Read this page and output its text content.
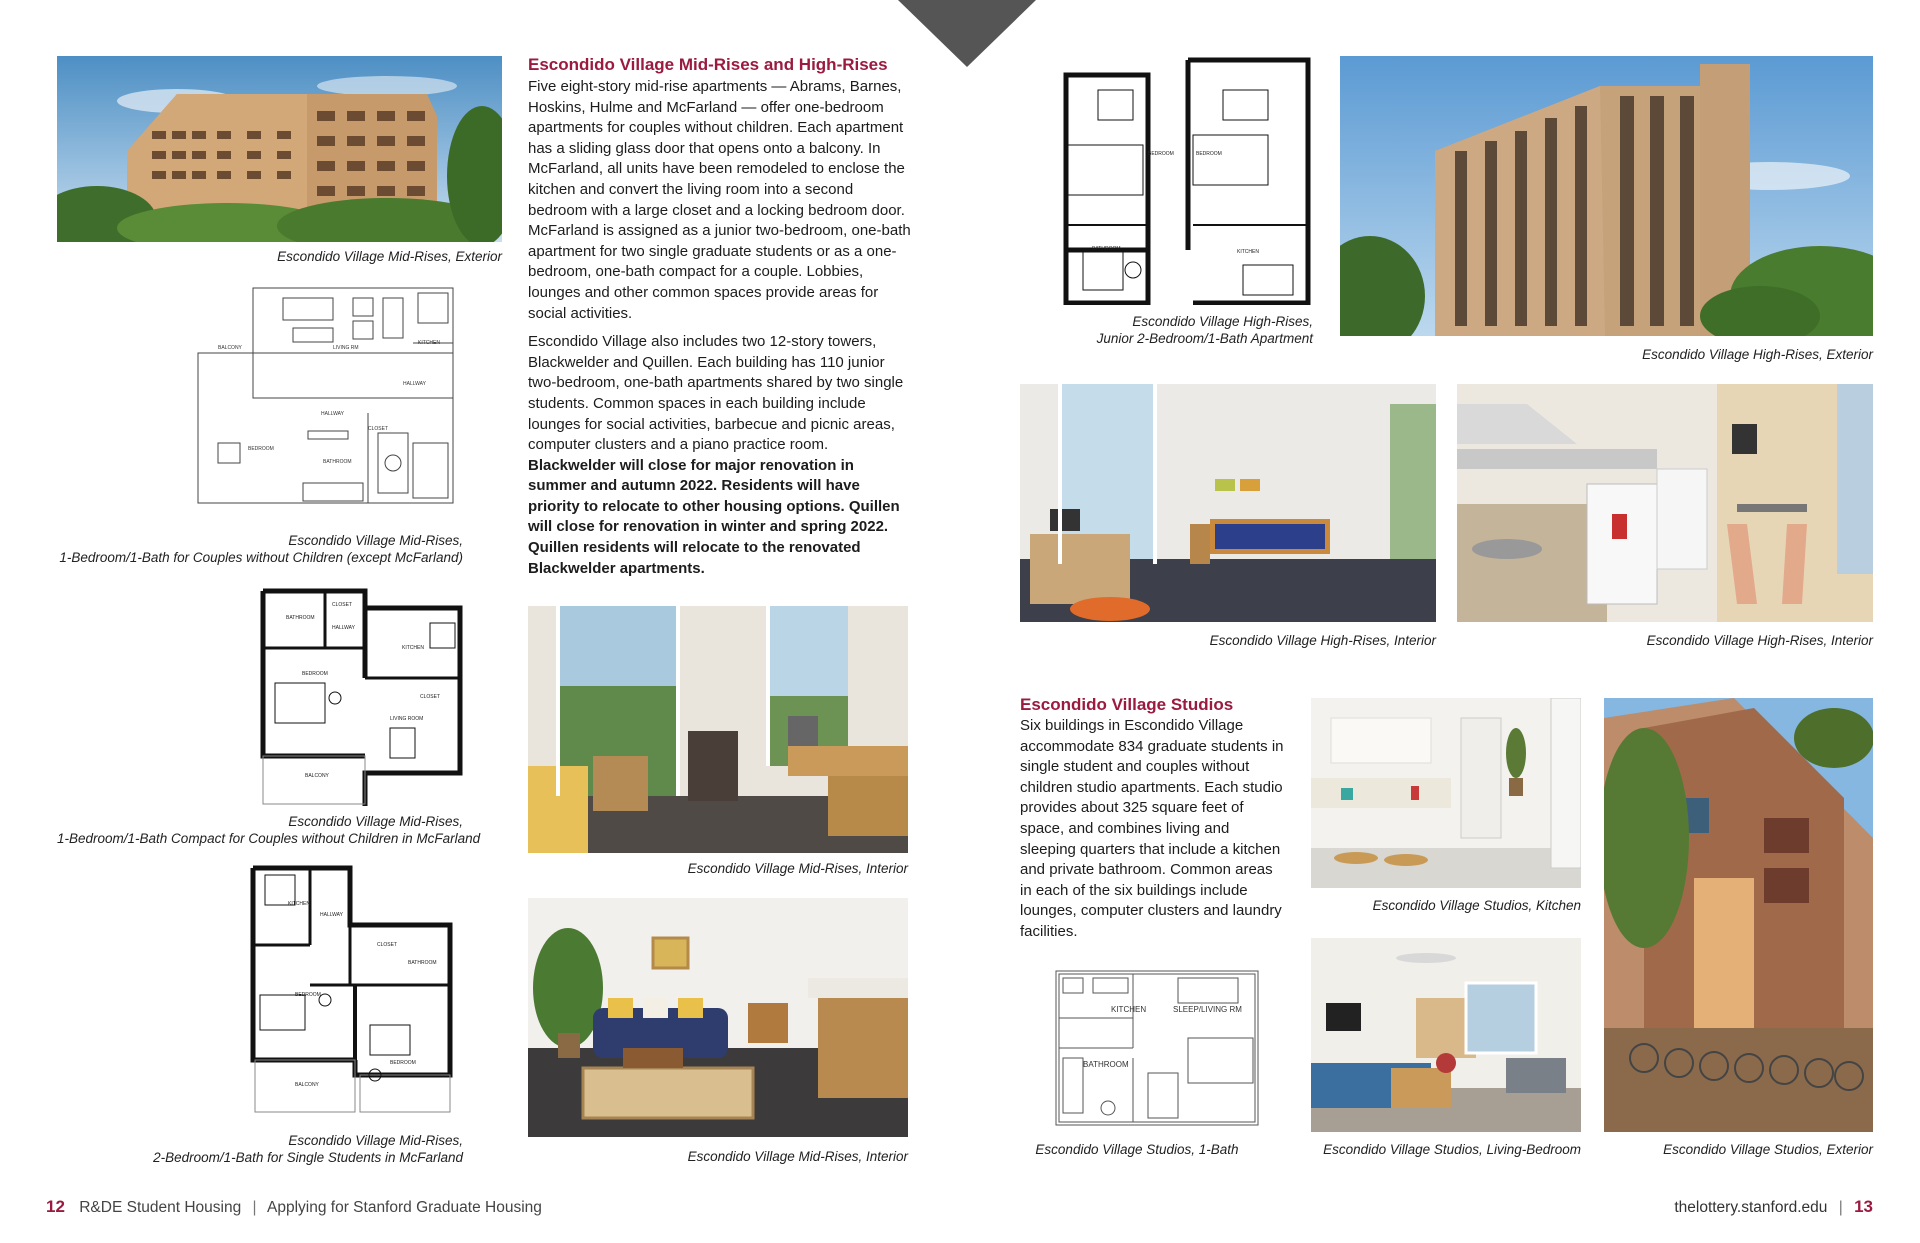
Escondido Village Mid-Rises, Exterior
BALCONY	LIVING RM
KITCHEN
HALLWAY
HALLWAY
CLOSET
BEDROOM
BATHROOM
Escondido Village Mid-Rises,
1-Bedroom/1-Bath for Couples without Children (except McFarland)
BATHROOM
CLOSET
HALLWAY
KITCHEN
BEDROOM
CLOSET
LIVING ROOM
BALCONY
Escondido Village Mid-Rises,
1-Bedroom/1-Bath Compact for Couples without Children in McFarland
KITCHEN
HALLWAY
CLOSET
BATHROOM
BEDROOM
BEDROOM
BALCONY
Escondido Village Mid-Rises,
2-Bedroom/1-Bath for Single Students in McFarland
Escondido Village Mid-Rises and High-Rises

Five eight-story mid-rise apartments — Abrams, Barnes, Hoskins, Hulme and McFarland — offer one-bedroom apartments for couples without children. Each apartment has a sliding glass door that opens onto a balcony. In McFarland, all units have been remodeled to enclose the kitchen and convert the living room into a second bedroom with a large closet and a locking bedroom door. McFarland is assigned as a junior two-bedroom, one-bath apartment for two single graduate students or as a one-bedroom, one-bath compact for a couple. Lobbies, lounges and other common spaces provide areas for social activities.

Escondido Village also includes two 12-story towers, Blackwelder and Quillen. Each building has 110 junior two-bedroom, one-bath apartments shared by two single students. Common spaces in each building include lounges for social activities, barbecue and picnic areas, computer clusters and a piano practice room. Blackwelder will close for major renovation in summer and autumn 2022. Residents will have priority to relocate to other housing options. Quillen will close for renovation in winter and spring 2022. Quillen residents will relocate to the renovated Blackwelder apartments.

Escondido Village Mid-Rises, Interior
Escondido Village Mid-Rises, Interior
12 R&DE Student Housing | Applying for Stanford Graduate Housing
BEDROOM	BEDROOM
BATHROOM	KITCHEN
Escondido Village High-Rises,
Junior 2-Bedroom/1-Bath Apartment
Escondido Village High-Rises, Exterior
Escondido Village High-Rises, Interior	Escondido Village High-Rises, Interior
Escondido Village Studios
Six buildings in Escondido Village accommodate 834 graduate students in single student and couples without children studio apartments. Each studio provides about 325 square feet of space, and combines living and sleeping quarters that include a kitchen and private bathroom. Common areas in each of the six buildings include lounges, computer clusters and laundry facilities.
Escondido Village Studios, Kitchen
Escondido Village Studios, Exterior
KITCHEN	SLEEP/LIVING RM
BATHROOM
Escondido Village Studios, 1-Bath	Escondido Village Studios, Living-Bedroom
thelottery.stanford.edu | 13
